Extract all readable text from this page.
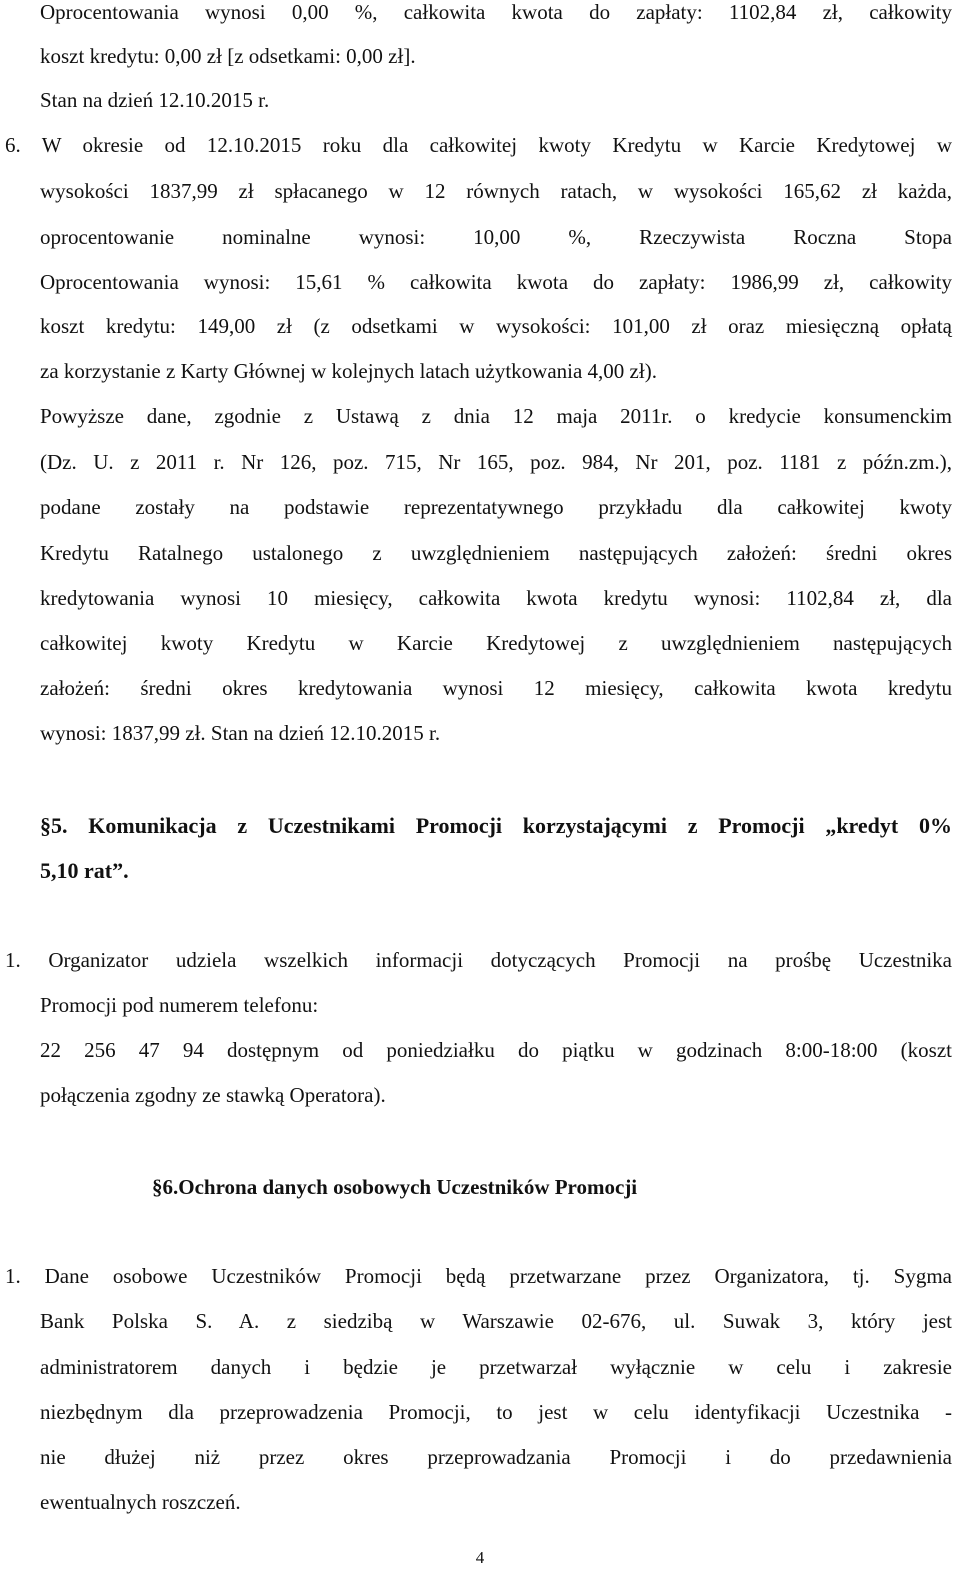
Oprocentowania wynosi 0,00 %, całkowita kwota do zapłaty: 1102,84 zł, całkowity
koszt kredytu: 0,00 zł [z odsetkami: 0,00 zł].
Stan na dzień 12.10.2015 r.
6. W okresie od 12.10.2015 roku dla całkowitej kwoty Kredytu w Karcie Kredytowej w
wysokości 1837,99 zł spłacanego w 12 równych ratach, w wysokości 165,62 zł każda,
oprocentowanie nominalne wynosi: 10,00 %, Rzeczywista Roczna Stopa
Oprocentowania wynosi: 15,61 % całkowita kwota do zapłaty: 1986,99 zł, całkowity
koszt kredytu: 149,00 zł (z odsetkami w wysokości: 101,00 zł oraz miesięczną opłatą
za korzystanie z Karty Głównej w kolejnych latach użytkowania 4,00 zł).
Powyższe dane, zgodnie z Ustawą z dnia 12 maja 2011r. o kredycie konsumenckim
(Dz. U. z 2011 r. Nr 126, poz. 715, Nr 165, poz. 984, Nr 201, poz. 1181 z późn.zm.),
podane zostały na podstawie reprezentatywnego przykładu dla całkowitej kwoty
Kredytu Ratalnego ustalonego z uwzględnieniem następujących założeń: średni okres
kredytowania wynosi 10 miesięcy, całkowita kwota kredytu wynosi: 1102,84 zł, dla
całkowitej kwoty Kredytu w Karcie Kredytowej z uwzględnieniem następujących
założeń: średni okres kredytowania wynosi 12 miesięcy, całkowita kwota kredytu
wynosi: 1837,99 zł. Stan na dzień 12.10.2015 r.
§5. Komunikacja z Uczestnikami Promocji korzystającymi z Promocji „kredyt 0%
5,10 rat”.
1. Organizator udziela wszelkich informacji dotyczących Promocji na prośbę Uczestnika
Promocji pod numerem telefonu:
22 256 47 94 dostępnym od poniedziałku do piątku w godzinach 8:00-18:00 (koszt
połączenia zgodny ze stawką Operatora).
§6.Ochrona danych osobowych Uczestników Promocji
1. Dane osobowe Uczestników Promocji będą przetwarzane przez Organizatora, tj. Sygma
Bank Polska S. A. z siedzibą w Warszawie 02-676, ul. Suwak 3, który jest
administratorem danych i będzie je przetwarzał wyłącznie w celu i zakresie
niezbędnym dla przeprowadzenia Promocji, to jest w celu identyfikacji Uczestnika -
nie dłużej niż przez okres przeprowadzania Promocji i do przedawnienia
ewentualnych roszczeń.
4
